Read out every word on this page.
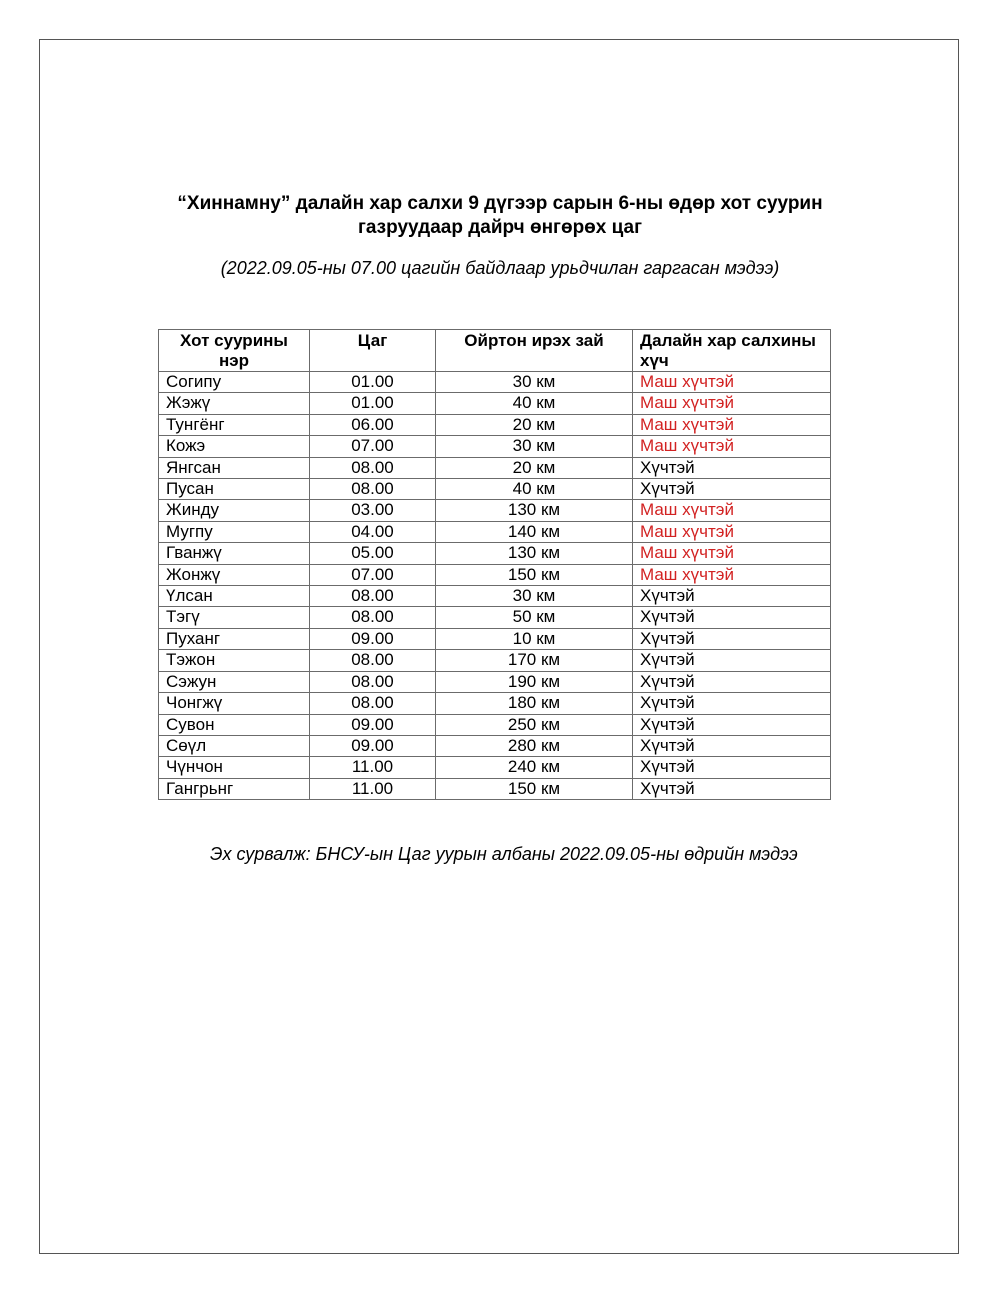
“Хиннамну” далайн хар салхи 9 дүгээр сарын 6-ны өдөр хот суурин
газруудаар дайрч өнгөрөх цаг

(2022.09.05-ны 07.00 цагийн байдлаар урьдчилан гаргасан мэдээ)

Хот суурины нэр	Цаг	Ойртон ирэх зай	Далайн хар салхины хүч
Согипу	01.00	30 км	Маш хүчтэй
Жэжү	01.00	40 км	Маш хүчтэй
Тунгёнг	06.00	20 км	Маш хүчтэй
Кожэ	07.00	30 км	Маш хүчтэй
Янгсан	08.00	20 км	Хүчтэй
Пусан	08.00	40 км	Хүчтэй
Жинду	03.00	130 км	Маш хүчтэй
Мугпу	04.00	140 км	Маш хүчтэй
Гванжү	05.00	130 км	Маш хүчтэй
Жонжү	07.00	150 км	Маш хүчтэй
Үлсан	08.00	30 км	Хүчтэй
Тэгү	08.00	50 км	Хүчтэй
Пуханг	09.00	10 км	Хүчтэй
Тэжон	08.00	170 км	Хүчтэй
Сэжун	08.00	190 км	Хүчтэй
Чонгжү	08.00	180 км	Хүчтэй
Сувон	09.00	250 км	Хүчтэй
Сөүл	09.00	280 км	Хүчтэй
Чүнчон	11.00	240 км	Хүчтэй
Гангрьнг	11.00	150 км	Хүчтэй

Эх сурвалж: БНСУ-ын Цаг уурын албаны 2022.09.05-ны өдрийн мэдээ
